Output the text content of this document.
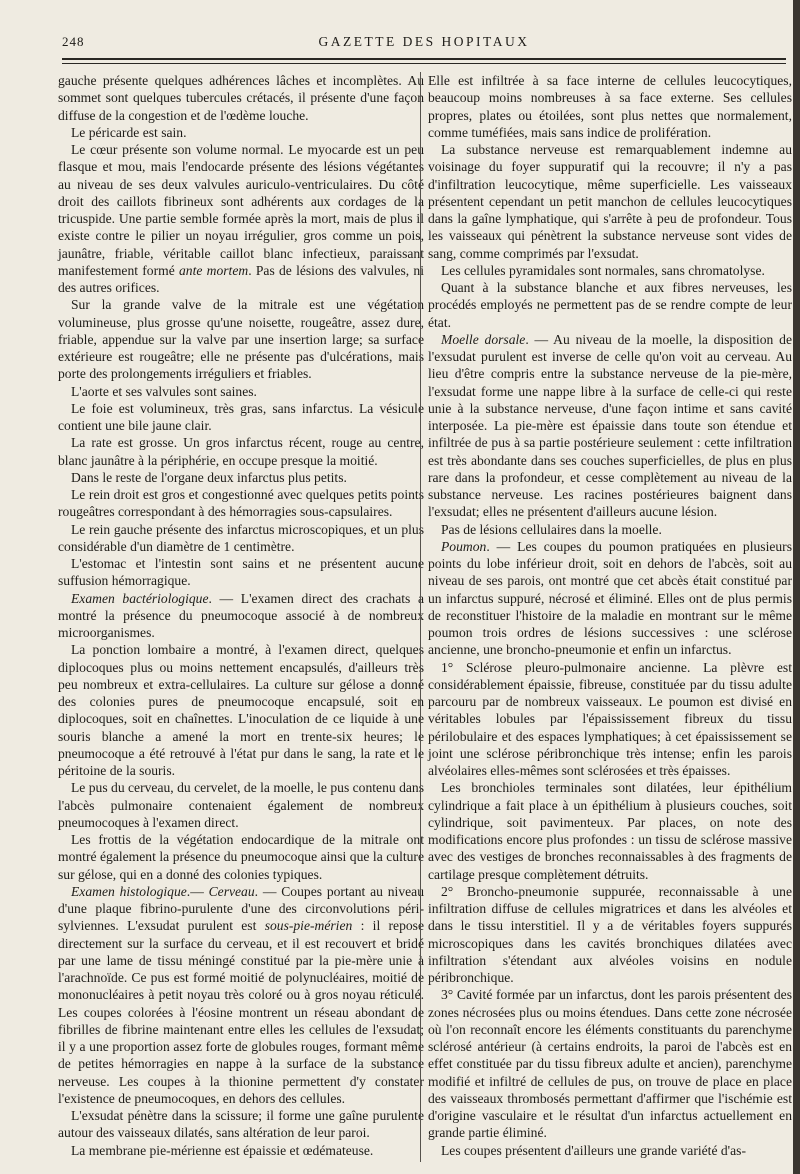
248	GAZETTE DES HOPITAUX

gauche présente quelques adhérences lâches et incomplètes. Au sommet sont quelques tubercules crétacés, il présente d'une façon diffuse de la congestion et de l'œdème louche.

Le péricarde est sain.

Le cœur présente son volume normal. Le myocarde est un peu flasque et mou, mais l'endocarde présente des lésions végétantes au niveau de ses deux valvules auriculo-ventriculaires. Du côté droit des caillots fibrineux sont adhérents aux cordages de la tricuspide. Une partie semble formée après la mort, mais de plus il existe contre le pilier un noyau irrégulier, gros comme un pois, jaunâtre, friable, véritable caillot blanc infectieux, paraissant manifestement formé ante mortem. Pas de lésions des valvules, ni des autres orifices.

Sur la grande valve de la mitrale est une végétation volumineuse, plus grosse qu'une noisette, rougeâtre, assez dure, friable, appendue sur la valve par une insertion large; sa surface extérieure est rougeâtre; elle ne présente pas d'ulcérations, mais porte des prolongements irréguliers et friables.

L'aorte et ses valvules sont saines.

Le foie est volumineux, très gras, sans infarctus. La vésicule contient une bile jaune clair.

La rate est grosse. Un gros infarctus récent, rouge au centre, blanc jaunâtre à la périphérie, en occupe presque la moitié.

Dans le reste de l'organe deux infarctus plus petits.

Le rein droit est gros et congestionné avec quelques petits points rougeâtres correspondant à des hémorragies sous-capsulaires.

Le rein gauche présente des infarctus microscopiques, et un plus considérable d'un diamètre de 1 centimètre.

L'estomac et l'intestin sont sains et ne présentent aucune suffusion hémorragique.

Examen bactériologique. — L'examen direct des crachats a montré la présence du pneumocoque associé à de nombreux microorganismes.

La ponction lombaire a montré, à l'examen direct, quelques diplocoques plus ou moins nettement encapsulés, d'ailleurs très peu nombreux et extra-cellulaires. La culture sur gélose a donné des colonies pures de pneumocoque encapsulé, soit en diplocoques, soit en chaînettes. L'inoculation de ce liquide à une souris blanche a amené la mort en trente-six heures; le pneumocoque a été retrouvé à l'état pur dans le sang, la rate et le péritoine de la souris.

Le pus du cerveau, du cervelet, de la moelle, le pus contenu dans l'abcès pulmonaire contenaient également de nombreux pneumocoques à l'examen direct.

Les frottis de la végétation endocardique de la mitrale ont montré également la présence du pneumocoque ainsi que la culture sur gélose, qui en a donné des colonies typiques.

Examen histologique.— Cerveau. — Coupes portant au niveau d'une plaque fibrino-purulente d'une des circonvolutions péri-sylviennes. L'exsudat purulent est sous-pie-mérien : il repose directement sur la surface du cerveau, et il est recouvert et bridé par une lame de tissu méningé constitué par la pie-mère unie à l'arachnoïde. Ce pus est formé moitié de polynucléaires, moitié de mononucléaires à petit noyau très coloré ou à gros noyau réticulé. Les coupes colorées à l'éosine montrent un réseau abondant de fibrilles de fibrine maintenant entre elles les cellules de l'exsudat; il y a une proportion assez forte de globules rouges, formant même de petites hémorragies en nappe à la surface de la substance nerveuse. Les coupes à la thionine permettent d'y constater l'existence de pneumocoques, en dehors des cellules.

L'exsudat pénètre dans la scissure; il forme une gaîne purulente autour des vaisseaux dilatés, sans altération de leur paroi.

La membrane pie-mérienne est épaissie et œdémateuse.

Elle est infiltrée à sa face interne de cellules leucocytiques, beaucoup moins nombreuses à sa face externe. Ses cellules propres, plates ou étoilées, sont plus nettes que normalement, comme tuméfiées, mais sans indice de prolifération.

La substance nerveuse est remarquablement indemne au voisinage du foyer suppuratif qui la recouvre; il n'y a pas d'infiltration leucocytique, même superficielle. Les vaisseaux présentent cependant un petit manchon de cellules leucocytiques dans la gaîne lymphatique, qui s'arrête à peu de profondeur. Tous les vaisseaux qui pénètrent la substance nerveuse sont vides de sang, comme comprimés par l'exsudat.

Les cellules pyramidales sont normales, sans chromatolyse.

Quant à la substance blanche et aux fibres nerveuses, les procédés employés ne permettent pas de se rendre compte de leur état.

Moelle dorsale. — Au niveau de la moelle, la disposition de l'exsudat purulent est inverse de celle qu'on voit au cerveau. Au lieu d'être compris entre la substance nerveuse de la pie-mère, l'exsudat forme une nappe libre à la surface de celle-ci qui reste unie à la substance nerveuse, d'une façon intime et sans cavité interposée. La pie-mère est épaissie dans toute son étendue et infiltrée de pus à sa partie postérieure seulement : cette infiltration est très abondante dans ses couches superficielles, de plus en plus rare dans la profondeur, et cesse complètement au niveau de la substance nerveuse. Les racines postérieures baignent dans l'exsudat; elles ne présentent d'ailleurs aucune lésion.

Pas de lésions cellulaires dans la moelle.

Poumon. — Les coupes du poumon pratiquées en plusieurs points du lobe inférieur droit, soit en dehors de l'abcès, soit au niveau de ses parois, ont montré que cet abcès était constitué par un infarctus suppuré, nécrosé et éliminé. Elles ont de plus permis de reconstituer l'histoire de la maladie en montrant sur le même poumon trois ordres de lésions successives : une sclérose ancienne, une broncho-pneumonie et enfin un infarctus.

1° Sclérose pleuro-pulmonaire ancienne. La plèvre est considérablement épaissie, fibreuse, constituée par du tissu adulte parcouru par de nombreux vaisseaux. Le poumon est divisé en véritables lobules par l'épaississement fibreux du tissu périlobulaire et des espaces lymphatiques; à cet épaississement se joint une sclérose péribronchique très intense; enfin les parois alvéolaires elles-mêmes sont sclérosées et très épaisses.

Les bronchioles terminales sont dilatées, leur épithélium cylindrique a fait place à un épithélium à plusieurs couches, soit cylindrique, soit pavimenteux. Par places, on note des modifications encore plus profondes : un tissu de sclérose massive avec des vestiges de bronches reconnaissables à des fragments de cartilage presque complètement détruits.

2° Broncho-pneumonie suppurée, reconnaissable à une infiltration diffuse de cellules migratrices et dans les alvéoles et dans le tissu interstitiel. Il y a de véritables foyers suppurés microscopiques dans les cavités bronchiques dilatées avec infiltration s'étendant aux alvéoles voisins en nodule péribronchique.

3° Cavité formée par un infarctus, dont les parois présentent des zones nécrosées plus ou moins étendues. Dans cette zone nécrosée où l'on reconnaît encore les éléments constituants du parenchyme sclérosé antérieur (à certains endroits, la paroi de l'abcès est en effet constituée par du tissu fibreux adulte et ancien), parenchyme modifié et infiltré de cellules de pus, on trouve de place en place des vaisseaux thrombosés permettant d'affirmer que l'ischémie est d'origine vasculaire et le résultat d'un infarctus actuellement en grande partie éliminé.

Les coupes présentent d'ailleurs une grande variété d'as-
